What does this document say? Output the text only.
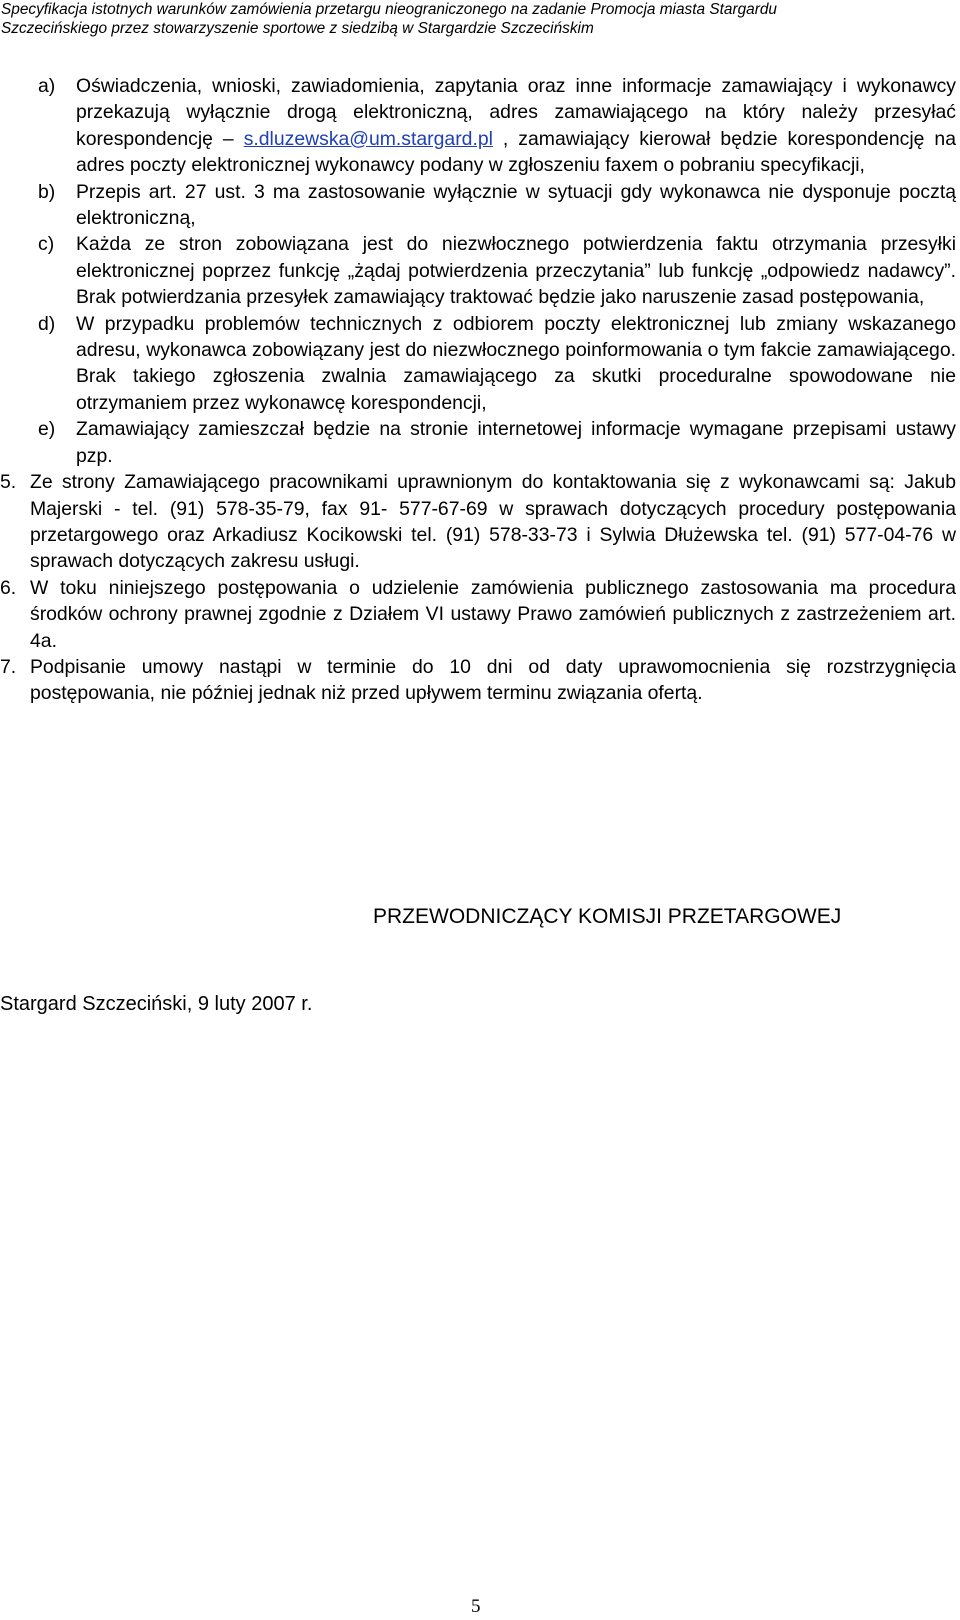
Specyfikacja istotnych warunków zamówienia przetargu nieograniczonego na zadanie Promocja miasta Stargardu
Szczecińskiego przez stowarzyszenie sportowe z siedzibą w Stargardzie Szczecińskim
a) Oświadczenia, wnioski, zawiadomienia, zapytania oraz inne informacje zamawiający i wykonawcy przekazują wyłącznie drogą elektroniczną, adres zamawiającego na który należy przesyłać korespondencję – s.dluzewska@um.stargard.pl , zamawiający kierował będzie korespondencję na adres poczty elektronicznej wykonawcy podany w zgłoszeniu faxem o pobraniu specyfikacji,
b) Przepis art. 27 ust. 3 ma zastosowanie wyłącznie w sytuacji gdy wykonawca nie dysponuje pocztą elektroniczną,
c) Każda ze stron zobowiązana jest do niezwłocznego potwierdzenia faktu otrzymania przesyłki elektronicznej poprzez funkcję „żądaj potwierdzenia przeczytania” lub funkcję „odpowiedz nadawcy”. Brak potwierdzania przesyłek zamawiający traktować będzie jako naruszenie zasad postępowania,
d) W przypadku problemów technicznych z odbiorem poczty elektronicznej lub zmiany wskazanego adresu, wykonawca zobowiązany jest do niezwłocznego poinformowania o tym fakcie zamawiającego. Brak takiego zgłoszenia zwalnia zamawiającego za skutki proceduralne spowodowane nie otrzymaniem przez wykonawcę korespondencji,
e) Zamawiający zamieszczał będzie na stronie internetowej informacje wymagane przepisami ustawy pzp.
5. Ze strony Zamawiającego pracownikami uprawnionym do kontaktowania się z wykonawcami są: Jakub Majerski - tel. (91) 578-35-79, fax 91- 577-67-69 w sprawach dotyczących procedury postępowania przetargowego oraz Arkadiusz Kocikowski tel. (91) 578-33-73 i Sylwia Dłużewska tel. (91) 577-04-76 w sprawach dotyczących zakresu usługi.
6. W toku niniejszego postępowania o udzielenie zamówienia publicznego zastosowania ma procedura środków ochrony prawnej zgodnie z Działem VI ustawy Prawo zamówień publicznych z zastrzeżeniem art. 4a.
7. Podpisanie umowy nastąpi w terminie do 10 dni od daty uprawomocnienia się rozstrzygnięcia postępowania, nie później jednak niż przed upływem terminu związania ofertą.
PRZEWODNICZĄCY KOMISJI PRZETARGOWEJ
Stargard Szczeciński, 9 luty 2007 r.
5
